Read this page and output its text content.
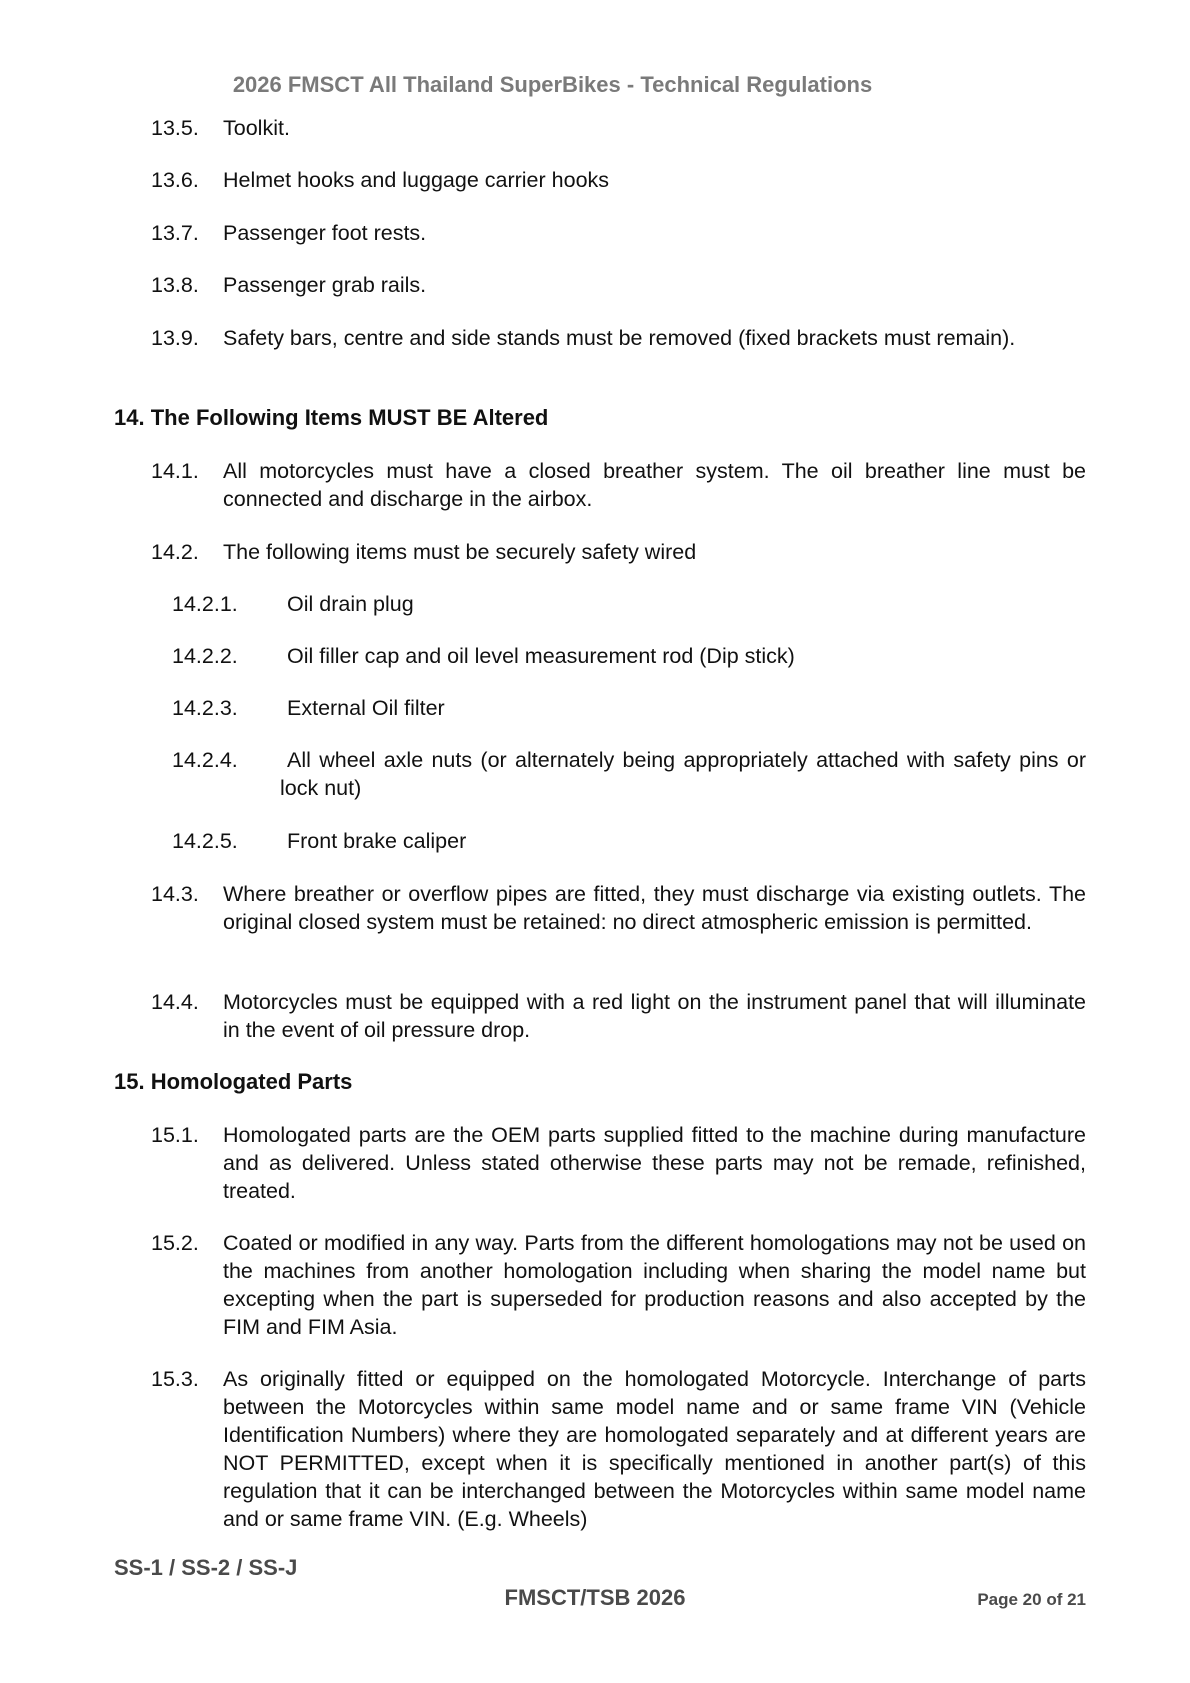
2026 FMSCT All Thailand SuperBikes - Technical Regulations
13.5. Toolkit.
13.6. Helmet hooks and luggage carrier hooks
13.7. Passenger foot rests.
13.8. Passenger grab rails.
13.9. Safety bars, centre and side stands must be removed (fixed brackets must remain).
14. The Following Items MUST BE Altered
14.1. All motorcycles must have a closed breather system. The oil breather line must be connected and discharge in the airbox.
14.2. The following items must be securely safety wired
14.2.1. Oil drain plug
14.2.2. Oil filler cap and oil level measurement rod (Dip stick)
14.2.3. External Oil filter
14.2.4.	All wheel axle nuts (or alternately being appropriately attached with safety pins or lock nut)
14.2.5. Front brake caliper
14.3. Where breather or overflow pipes are fitted, they must discharge via existing outlets. The original closed system must be retained: no direct atmospheric emission is permitted.
14.4. Motorcycles must be equipped with a red light on the instrument panel that will illuminate in the event of oil pressure drop.
15. Homologated Parts
15.1. Homologated parts are the OEM parts supplied fitted to the machine during manufacture and as delivered. Unless stated otherwise these parts may not be remade, refinished, treated.
15.2. Coated or modified in any way. Parts from the different homologations may not be used on the machines from another homologation including when sharing the model name but excepting when the part is superseded for production reasons and also accepted by the FIM and FIM Asia.
15.3. As originally fitted or equipped on the homologated Motorcycle. Interchange of parts between the Motorcycles within same model name and or same frame VIN (Vehicle Identification Numbers) where they are homologated separately and at different years are NOT PERMITTED, except when it is specifically mentioned in another part(s) of this regulation that it can be interchanged between the Motorcycles within same model name and or same frame VIN. (E.g. Wheels)
SS-1 / SS-2 / SS-J
FMSCT/TSB 2026	Page 20 of 21
